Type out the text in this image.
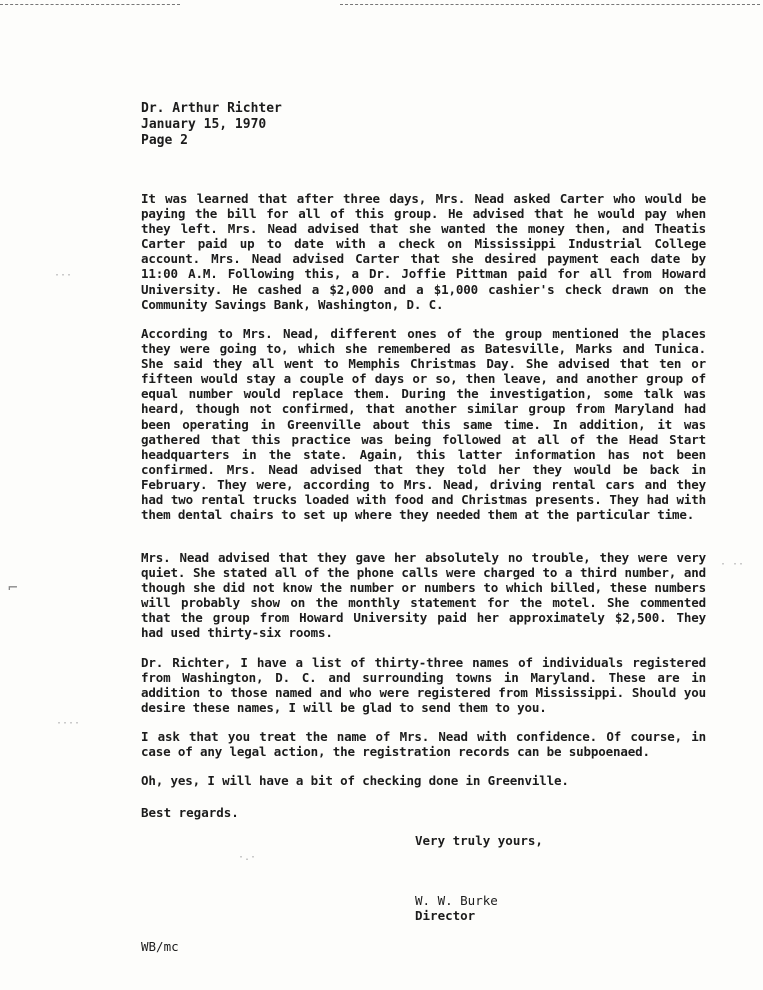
Dr. Arthur Richter
January 15, 1970
Page 2
It was learned that after three days, Mrs. Nead asked Carter who would be paying the bill for all of this group. He advised that he would pay when they left. Mrs. Nead advised that she wanted the money then, and Theatis Carter paid up to date with a check on Mississippi Industrial College account. Mrs. Nead advised Carter that she desired payment each date by 11:00 A.M. Following this, a Dr. Joffie Pittman paid for all from Howard University. He cashed a $2,000 and a $1,000 cashier's check drawn on the Community Savings Bank, Washington, D. C.
According to Mrs. Nead, different ones of the group mentioned the places they were going to, which she remembered as Batesville, Marks and Tunica. She said they all went to Memphis Christmas Day. She advised that ten or fifteen would stay a couple of days or so, then leave, and another group of equal number would replace them. During the investigation, some talk was heard, though not confirmed, that another similar group from Maryland had been operating in Greenville about this same time. In addition, it was gathered that this practice was being followed at all of the Head Start headquarters in the state. Again, this latter information has not been confirmed. Mrs. Nead advised that they told her they would be back in February. They were, according to Mrs. Nead, driving rental cars and they had two rental trucks loaded with food and Christmas presents. They had with them dental chairs to set up where they needed them at the particular time.
Mrs. Nead advised that they gave her absolutely no trouble, they were very quiet. She stated all of the phone calls were charged to a third number, and though she did not know the number or numbers to which billed, these numbers will probably show on the monthly statement for the motel. She commented that the group from Howard University paid her approximately $2,500. They had used thirty-six rooms.
Dr. Richter, I have a list of thirty-three names of individuals registered from Washington, D. C. and surrounding towns in Maryland. These are in addition to those named and who were registered from Mississippi. Should you desire these names, I will be glad to send them to you.
I ask that you treat the name of Mrs. Nead with confidence. Of course, in case of any legal action, the registration records can be subpoenaed.
Oh, yes, I will have a bit of checking done in Greenville.
Best regards.
Very truly yours,
W. W. Burke
Director
WB/mc
···
····
· ··
·.·
⌐
